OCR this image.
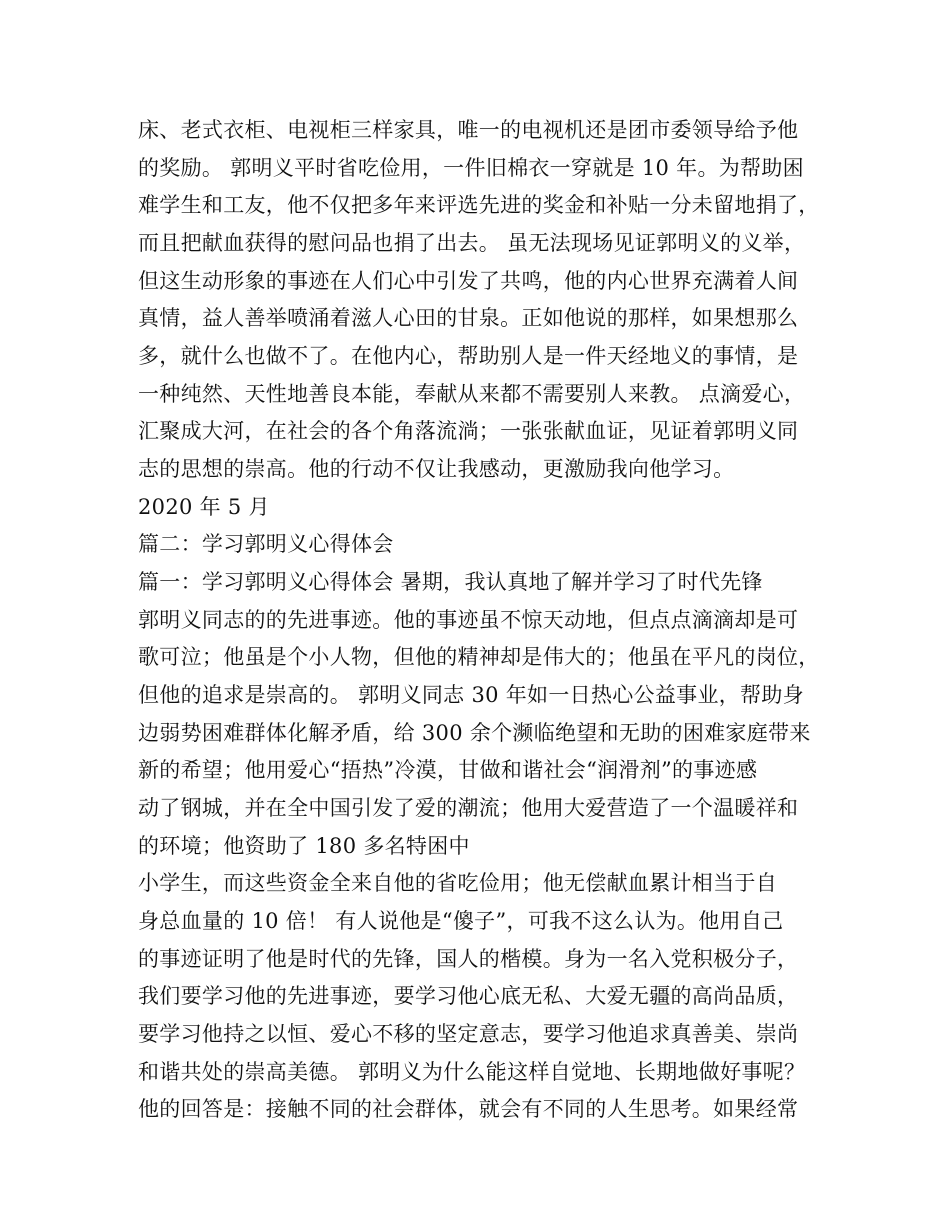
床、老式衣柜、电视柜三样家具，唯一的电视机还是团市委领导给予他
的奖励。 郭明义平时省吃俭用，一件旧棉衣一穿就是 10 年。为帮助困
难学生和工友，他不仅把多年来评选先进的奖金和补贴一分未留地捐了，
而且把献血获得的慰问品也捐了出去。 虽无法现场见证郭明义的义举，
但这生动形象的事迹在人们心中引发了共鸣，他的内心世界充满着人间
真情，益人善举喷涌着滋人心田的甘泉。正如他说的那样，如果想那么
多，就什么也做不了。在他内心，帮助别人是一件天经地义的事情，是
一种纯然、天性地善良本能，奉献从来都不需要别人来教。 点滴爱心，
汇聚成大河，在社会的各个角落流淌；一张张献血证，见证着郭明义同
志的思想的崇高。他的行动不仅让我感动，更激励我向他学习。
2020 年 5 月
篇二：学习郭明义心得体会
篇一：学习郭明义心得体会 暑期，我认真地了解并学习了时代先锋
郭明义同志的的先进事迹。他的事迹虽不惊天动地，但点点滴滴却是可
歌可泣；他虽是个小人物，但他的精神却是伟大的；他虽在平凡的岗位，
但他的追求是崇高的。 郭明义同志 30 年如一日热心公益事业，帮助身
边弱势困难群体化解矛盾，给 300 余个濒临绝望和无助的困难家庭带来
新的希望；他用爱心“捂热”冷漠，甘做和谐社会“润滑剂”的事迹感
动了钢城，并在全中国引发了爱的潮流；他用大爱营造了一个温暖祥和
的环境；他资助了 180 多名特困中
小学生，而这些资金全来自他的省吃俭用；他无偿献血累计相当于自
身总血量的 10 倍！ 有人说他是“傻子”，可我不这么认为。他用自己
的事迹证明了他是时代的先锋，国人的楷模。身为一名入党积极分子，
我们要学习他的先进事迹，要学习他心底无私、大爱无疆的高尚品质，
要学习他持之以恒、爱心不移的坚定意志，要学习他追求真善美、崇尚
和谐共处的崇高美德。 郭明义为什么能这样自觉地、长期地做好事呢？
他的回答是：接触不同的社会群体，就会有不同的人生思考。如果经常
